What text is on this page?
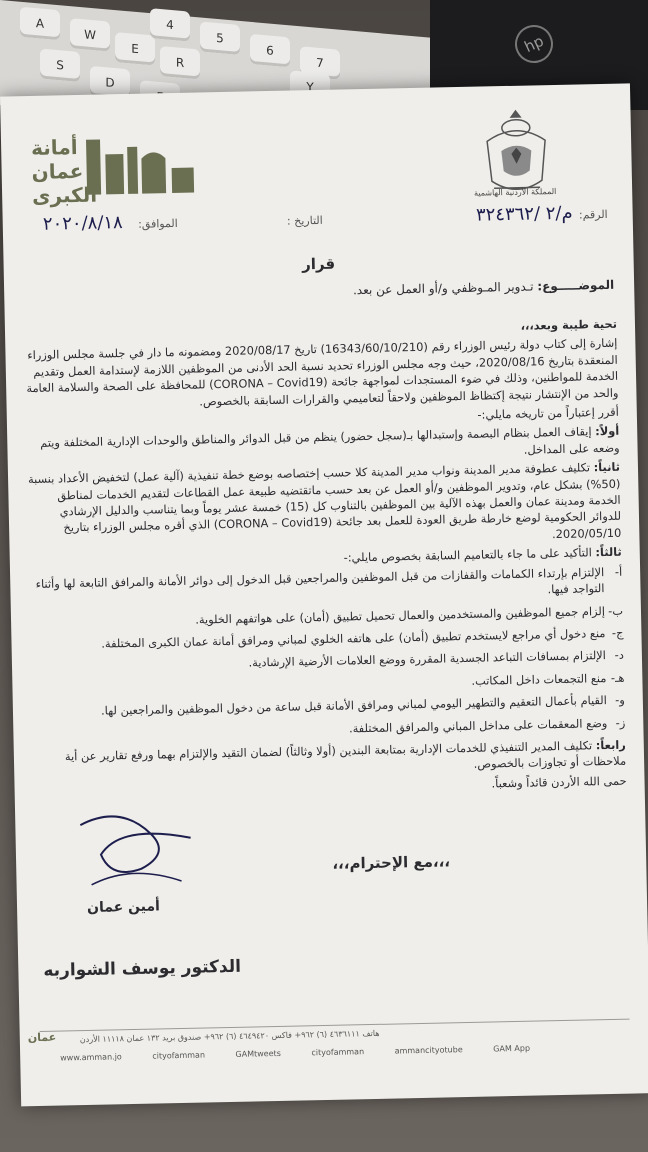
A
W
S
E
D
R
4
5
6
7
Y
hp
المملكة الأردنية الهاشمية
أمانة
عمان
الكبرى
الرقم:
م/٢ /٣٢٤٣٦٢
التاريخ :
الموافق:
٢٠٢٠/٨/١٨
قرار
الموضـــــوع: تـدوير المـوظفي و/أو العمل عن بعد.

تحية طيبة وبعد،،،

إشارة إلى كتاب دولة رئيس الوزراء رقم (16343/60/10/210) تاريخ 2020/08/17 ومضمونه ما دار في جلسة مجلس الوزراء المنعقدة بتاريخ 2020/08/16، حيث وجه مجلس الوزراء تحديد نسبة الحد الأدنى من الموظفين اللازمة لإستدامة العمل وتقديم الخدمة للمواطنين، وذلك في ضوء المستجدات لمواجهة جائحة (CORONA – Covid19) للمحافظة على الصحة والسلامة العامة والحد من الإنتشار نتيجة إكتظاظ الموظفين ولاحقاً لتعاميمي والقرارات السابقة بالخصوص.

أقرر إعتباراً من تاريخه مايلي:-

أولاً: إيقاف العمل بنظام البصمة وإستبدالها بـ(سجل حضور) ينظم من قبل الدوائر والمناطق والوحدات الإدارية المختلفة ويتم وضعه على المداخل.

ثانياً: تكليف عطوفة مدير المدينة ونواب مدير المدينة كلا حسب إختصاصه بوضع خطة تنفيذية (آلية عمل) لتخفيض الأعداد بنسبة (50%) بشكل عام، وتدوير الموظفين و/أو العمل عن بعد حسب ماتقتضيه طبيعة عمل القطاعات لتقديم الخدمات لمناطق الخدمة ومدينة عمان والعمل بهذه الآلية بين الموظفين بالتناوب كل (15) خمسة عشر يوماً وبما يتناسب والدليل الإرشادي للدوائر الحكومية لوضع خارطة طريق العودة للعمل بعد جائحة (CORONA – Covid19) الذي أقره مجلس الوزراء بتاريخ 2020/05/10.

ثالثاً: التأكيد على ما جاء بالتعاميم السابقة بخصوص مايلي:-

أ-
الإلتزام بإرتداء الكمامات والقفازات من قبل الموظفين والمراجعين قبل الدخول إلى دوائر الأمانة والمرافق التابعة لها وأثناء التواجد فيها.
ب-
إلزام جميع الموظفين والمستخدمين والعمال تحميل تطبيق (أمان) على هواتفهم الخلوية.
ج-
منع دخول أي مراجع لايستخدم تطبيق (أمان) على هاتفه الخلوي لمباني ومرافق أمانة عمان الكبرى المختلفة.
د-
الإلتزام بمسافات التباعد الجسدية المقررة ووضع العلامات الأرضية الإرشادية.
هـ-
منع التجمعات داخل المكاتب.
و-
القيام بأعمال التعقيم والتطهير اليومي لمباني ومرافق الأمانة قبل ساعة من دخول الموظفين والمراجعين لها.
ز-
وضع المعقمات على مداخل المباني والمرافق المختلفة.

رابعاً: تكليف المدير التنفيذي للخدمات الإدارية بمتابعة البندين (أولا وثالثاً) لضمان التقيد والإلتزام بهما ورفع تقارير عن أية ملاحظات أو تجاوزات بالخصوص.

حمى الله الأردن قائداً وشعباً.

،،،مع الإحترام،،،
أمين عمان
الدكتور يوسف الشواربه
هاتف ٤٦٣٦١١١ (٦) ٩٦٢+ فاكس ٤٦٤٩٤٢٠ (٦) ٩٦٢+ صندوق بريد ١٣٢ عمان ١١١١٨ الأردن
عمان
www.amman.jo	cityofamman	GAMtweets	cityofamman	ammancityotube	GAM App
